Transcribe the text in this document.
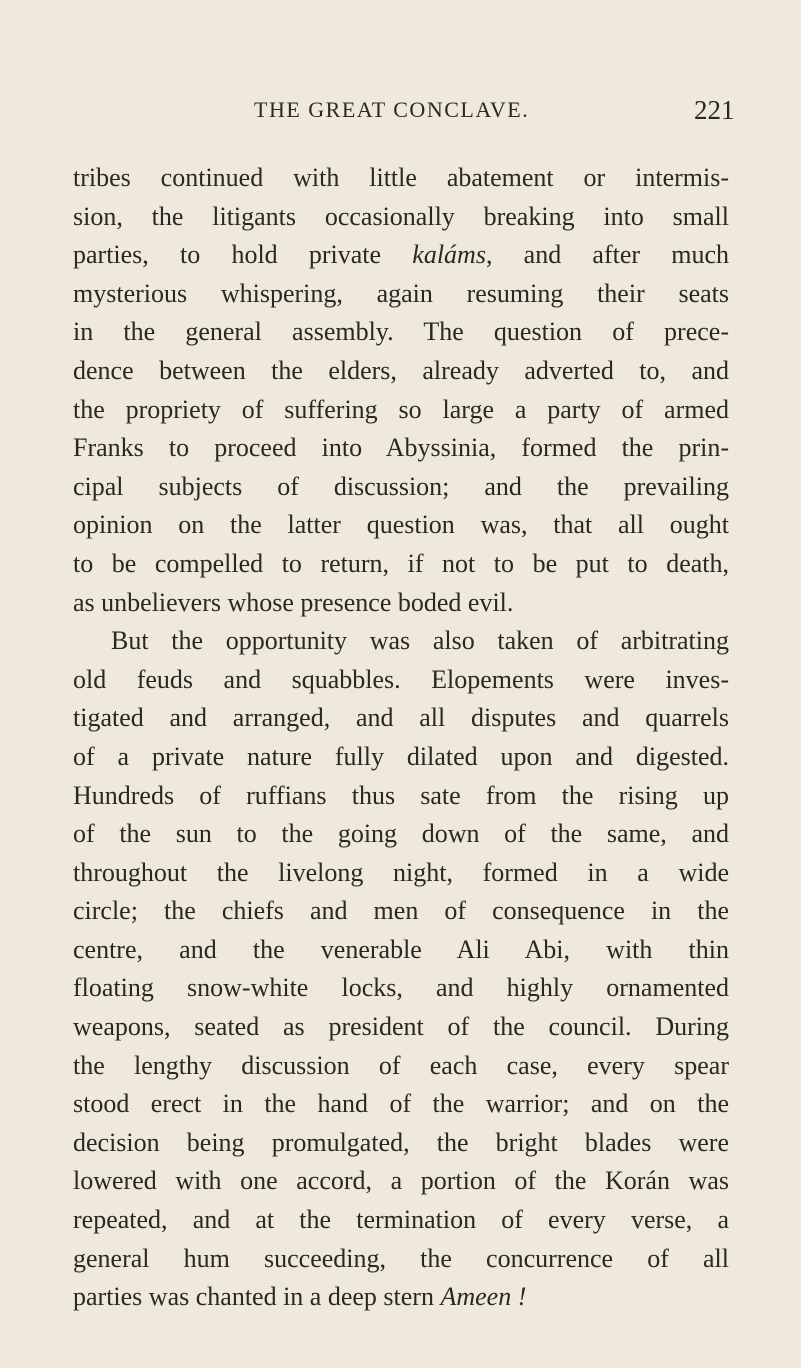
THE GREAT CONCLAVE.	221
tribes continued with little abatement or intermis-
sion, the litigants occasionally breaking into small
parties, to hold private kaláms, and after much
mysterious whispering, again resuming their seats
in the general assembly. The question of prece-
dence between the elders, already adverted to, and
the propriety of suffering so large a party of armed
Franks to proceed into Abyssinia, formed the prin-
cipal subjects of discussion; and the prevailing
opinion on the latter question was, that all ought
to be compelled to return, if not to be put to death,
as unbelievers whose presence boded evil.
But the opportunity was also taken of arbitrating
old feuds and squabbles. Elopements were inves-
tigated and arranged, and all disputes and quarrels
of a private nature fully dilated upon and digested.
Hundreds of ruffians thus sate from the rising up
of the sun to the going down of the same, and
throughout the livelong night, formed in a wide
circle; the chiefs and men of consequence in the
centre, and the venerable Ali Abi, with thin
floating snow-white locks, and highly ornamented
weapons, seated as president of the council. During
the lengthy discussion of each case, every spear
stood erect in the hand of the warrior; and on the
decision being promulgated, the bright blades were
lowered with one accord, a portion of the Korán was
repeated, and at the termination of every verse, a
general hum succeeding, the concurrence of all
parties was chanted in a deep stern Ameen !
